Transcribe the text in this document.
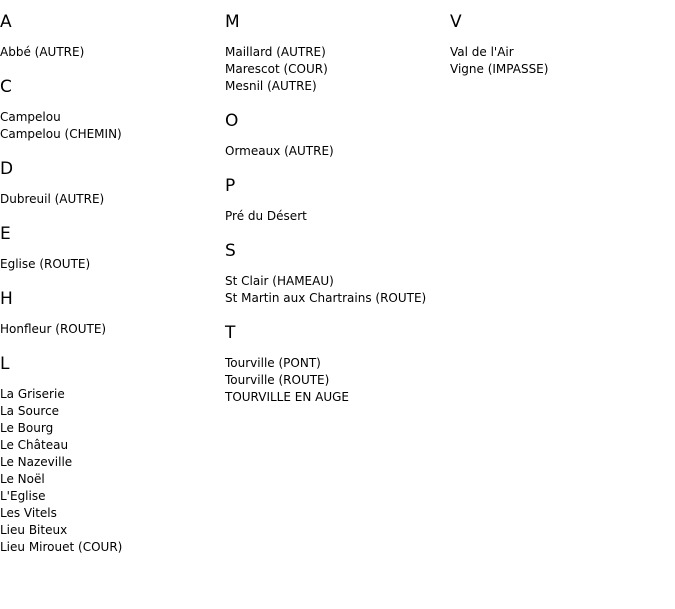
A
Abbé (AUTRE)
C
Campelou
Campelou (CHEMIN)
D
Dubreuil (AUTRE)
E
Eglise (ROUTE)
H
Honfleur (ROUTE)
L
La Griserie
La Source
Le Bourg
Le Château
Le Nazeville
Le Noël
L'Eglise
Les Vitels
Lieu Biteux
Lieu Mirouet (COUR)
M
Maillard (AUTRE)
Marescot (COUR)
Mesnil (AUTRE)
O
Ormeaux (AUTRE)
P
Pré du Désert
S
St Clair (HAMEAU)
St Martin aux Chartrains (ROUTE)
T
Tourville (PONT)
Tourville (ROUTE)
TOURVILLE EN AUGE
V
Val de l'Air
Vigne (IMPASSE)
